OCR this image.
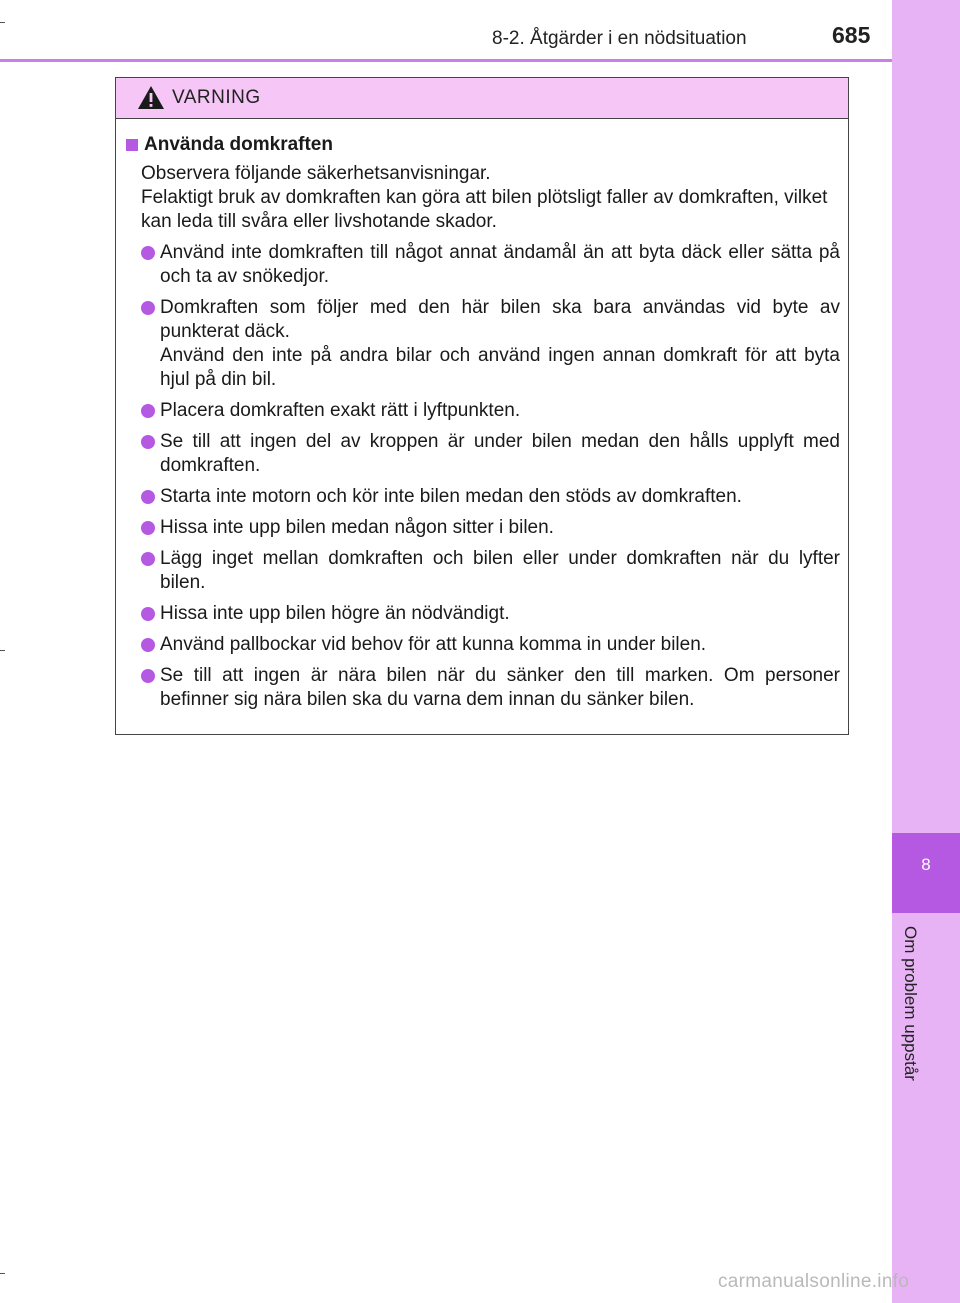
8-2. Åtgärder i en nödsituation	685
8
Om problem uppstår
VARNING
Använda domkraften
Observera följande säkerhetsanvisningar.
Felaktigt bruk av domkraften kan göra att bilen plötsligt faller av domkraften, vilket kan leda till svåra eller livshotande skador.
Använd inte domkraften till något annat ändamål än att byta däck eller sätta på och ta av snökedjor.
Domkraften som följer med den här bilen ska bara användas vid byte av punkterat däck.
Använd den inte på andra bilar och använd ingen annan domkraft för att byta hjul på din bil.
Placera domkraften exakt rätt i lyftpunkten.
Se till att ingen del av kroppen är under bilen medan den hålls upplyft med domkraften.
Starta inte motorn och kör inte bilen medan den stöds av domkraften.
Hissa inte upp bilen medan någon sitter i bilen.
Lägg inget mellan domkraften och bilen eller under domkraften när du lyfter bilen.
Hissa inte upp bilen högre än nödvändigt.
Använd pallbockar vid behov för att kunna komma in under bilen.
Se till att ingen är nära bilen när du sänker den till marken. Om personer befinner sig nära bilen ska du varna dem innan du sänker bilen.
carmanualsonline.info
